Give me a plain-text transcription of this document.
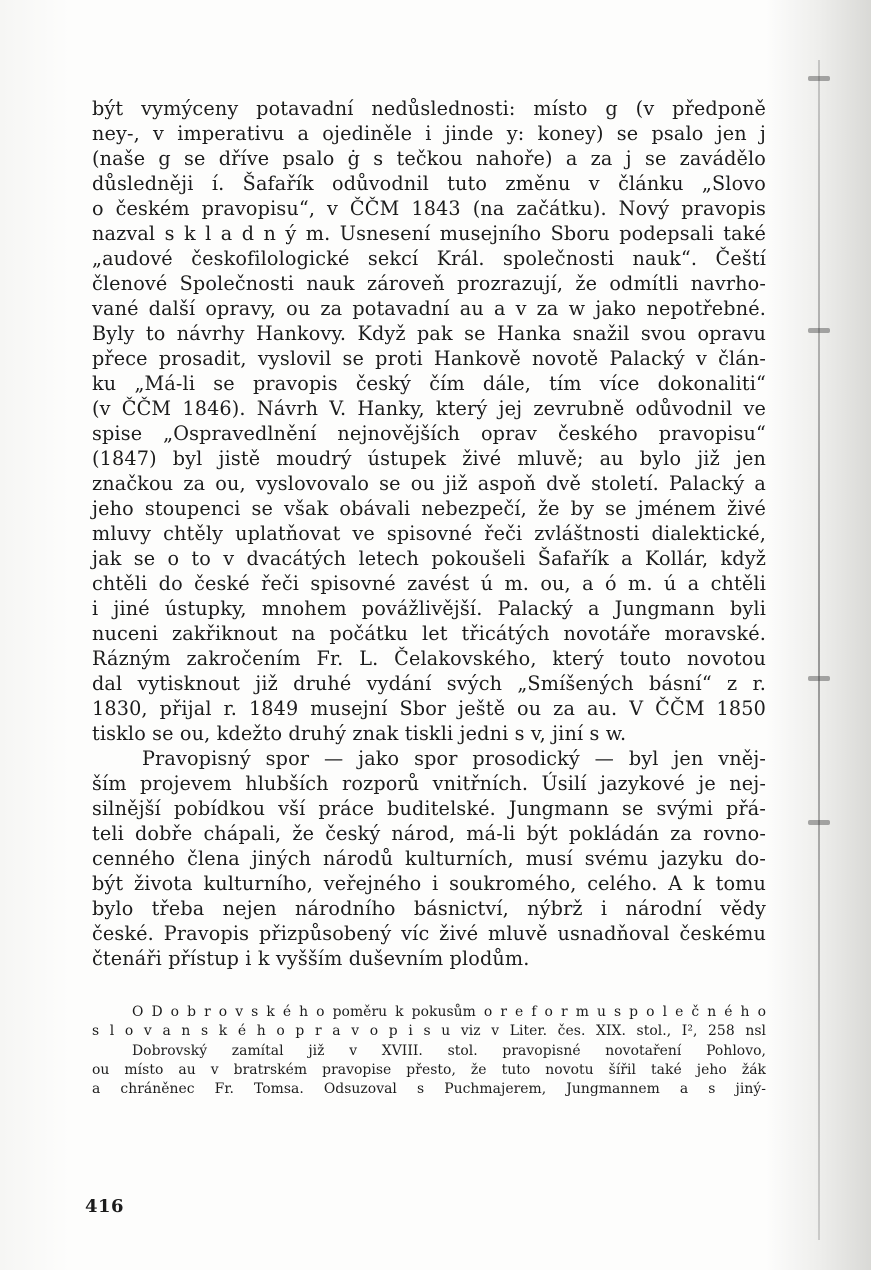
být vymýceny potavadní nedůslednosti: místo g (v předponě
ney-, v imperativu a ojediněle i jinde y: koney) se psalo jen j
(naše g se dříve psalo ġ s tečkou nahoře) a za j se zavádělo
důsledněji í. Šafařík odůvodnil tuto změnu v článku „Slovo
o českém pravopisu“, v ČČM 1843 (na začátku). Nový pravopis
nazval s k l a d n ý m. Usnesení musejního Sboru podepsali také
„audové českofilologické sekcí Král. společnosti nauk“. Čeští
členové Společnosti nauk zároveň prozrazují, že odmítli navrho-
vané další opravy, ou za potavadní au a v za w jako nepotřebné.
Byly to návrhy Hankovy. Když pak se Hanka snažil svou opravu
přece prosadit, vyslovil se proti Hankově novotě Palacký v člán-
ku „Má-li se pravopis český čím dále, tím více dokonaliti“
(v ČČM 1846). Návrh V. Hanky, který jej zevrubně odůvodnil ve
spise „Ospravedlnění nejnovějších oprav českého pravopisu“
(1847) byl jistě moudrý ústupek živé mluvě; au bylo již jen
značkou za ou, vyslovovalo se ou již aspoň dvě století. Palacký a
jeho stoupenci se však obávali nebezpečí, že by se jménem živé
mluvy chtěly uplatňovat ve spisovné řeči zvláštnosti dialektické,
jak se o to v dvacátých letech pokoušeli Šafařík a Kollár, když
chtěli do české řeči spisovné zavést ú m. ou, a ó m. ú a chtěli
i jiné ústupky, mnohem povážlivější. Palacký a Jungmann byli
nuceni zakřiknout na počátku let třicátých novotáře moravské.
Rázným zakročením Fr. L. Čelakovského, který touto novotou
dal vytisknout již druhé vydání svých „Smíšených básní“ z r.
1830, přijal r. 1849 musejní Sbor ještě ou za au. V ČČM 1850
tisklo se ou, kdežto druhý znak tiskli jedni s v, jiní s w.
Pravopisný spor — jako spor prosodický — byl jen vněj-
ším projevem hlubších rozporů vnitřních. Úsilí jazykové je nej-
silnější pobídkou vší práce buditelské. Jungmann se svými přá-
teli dobře chápali, že český národ, má-li být pokládán za rovno-
cenného člena jiných národů kulturních, musí svému jazyku do-
být života kulturního, veřejného i soukromého, celého. A k tomu
bylo třeba nejen národního básnictví, nýbrž i národní vědy
české. Pravopis přizpůsobený víc živé mluvě usnadňoval českému
čtenáři přístup i k vyšším duševním plodům.
O D o b r o v s k é h o poměru k pokusům o r e f o r m u s p o l e č n é h o
s l o v a n s k é h o p r a v o p i s u viz v Liter. čes. XIX. stol., I², 258 nsl
Dobrovský zamítal již v XVIII. stol. pravopisné novotaření Pohlovo,
ou místo au v bratrském pravopise přesto, že tuto novotu šířil také jeho žák
a chráněnec Fr. Tomsa. Odsuzoval s Puchmajerem, Jungmannem a s jiný-
416
